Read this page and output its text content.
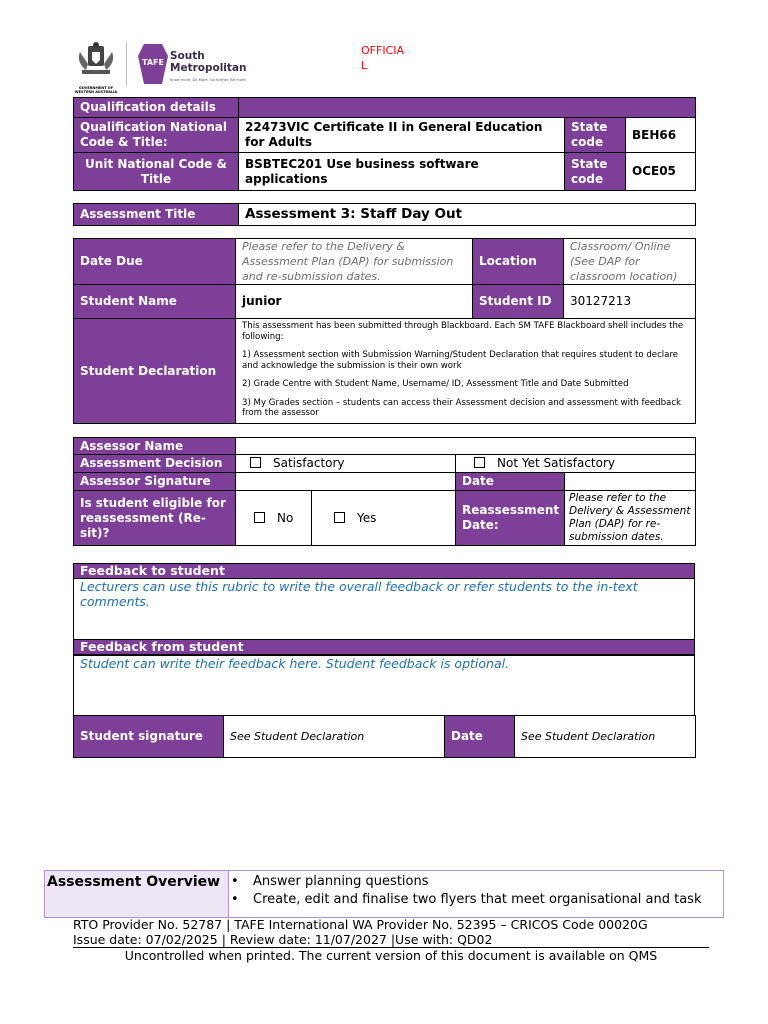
GOVERNMENT OF WESTERN AUSTRALIA
TAFE
South
Metropolitan
Know more. Do More. Go further. Be more.
OFFICIA
L
Qualification details			
Qualification National Code & Title:	22473VIC Certificate II in General Education for Adults	State code	BEH66
Unit National Code & Title	BSBTEC201 Use business software applications	State code	OCE05
Assessment Title	Assessment 3: Staff Day Out
Date Due	Please refer to the Delivery & Assessment Plan (DAP) for submission and re-submission dates.	Location	Classroom/ Online (See DAP for classroom location)
Student Name	junior	Student ID	30127213
Student Declaration	This assessment has been submitted through Blackboard. Each SM TAFE Blackboard shell includes the following:

1) Assessment section with Submission Warning/Student Declaration that requires student to declare and acknowledge the submission is their own work

2) Grade Centre with Student Name, Username/ ID, Assessment Title and Date Submitted

3) My Grades section – students can access their Assessment decision and assessment with feedback from the assessor		

Assessor Name				
Assessment Decision	Satisfactory		Not Yet Satisfactory	
Assessor Signature			Date	
Is student eligible for reassessment (Re-sit)?	No	Yes	Reassessment Date:	Please refer to the Delivery & Assessment Plan (DAP) for re-submission dates.
Feedback to student
Lecturers can use this rubric to write the overall feedback or refer students to the in-text comments.
Feedback from student
Student can write their feedback here. Student feedback is optional.
Student signature	See Student Declaration	Date	See Student Declaration
Assessment Overview • Answer planning questions
• Create, edit and finalise two flyers that meet organisational and task
RTO Provider No. 52787 | TAFE International WA Provider No. 52395 – CRICOS Code 00020G
Issue date: 07/02/2025 | Review date: 11/07/2027 |Use with: QD02
Uncontrolled when printed. The current version of this document is available on QMS
